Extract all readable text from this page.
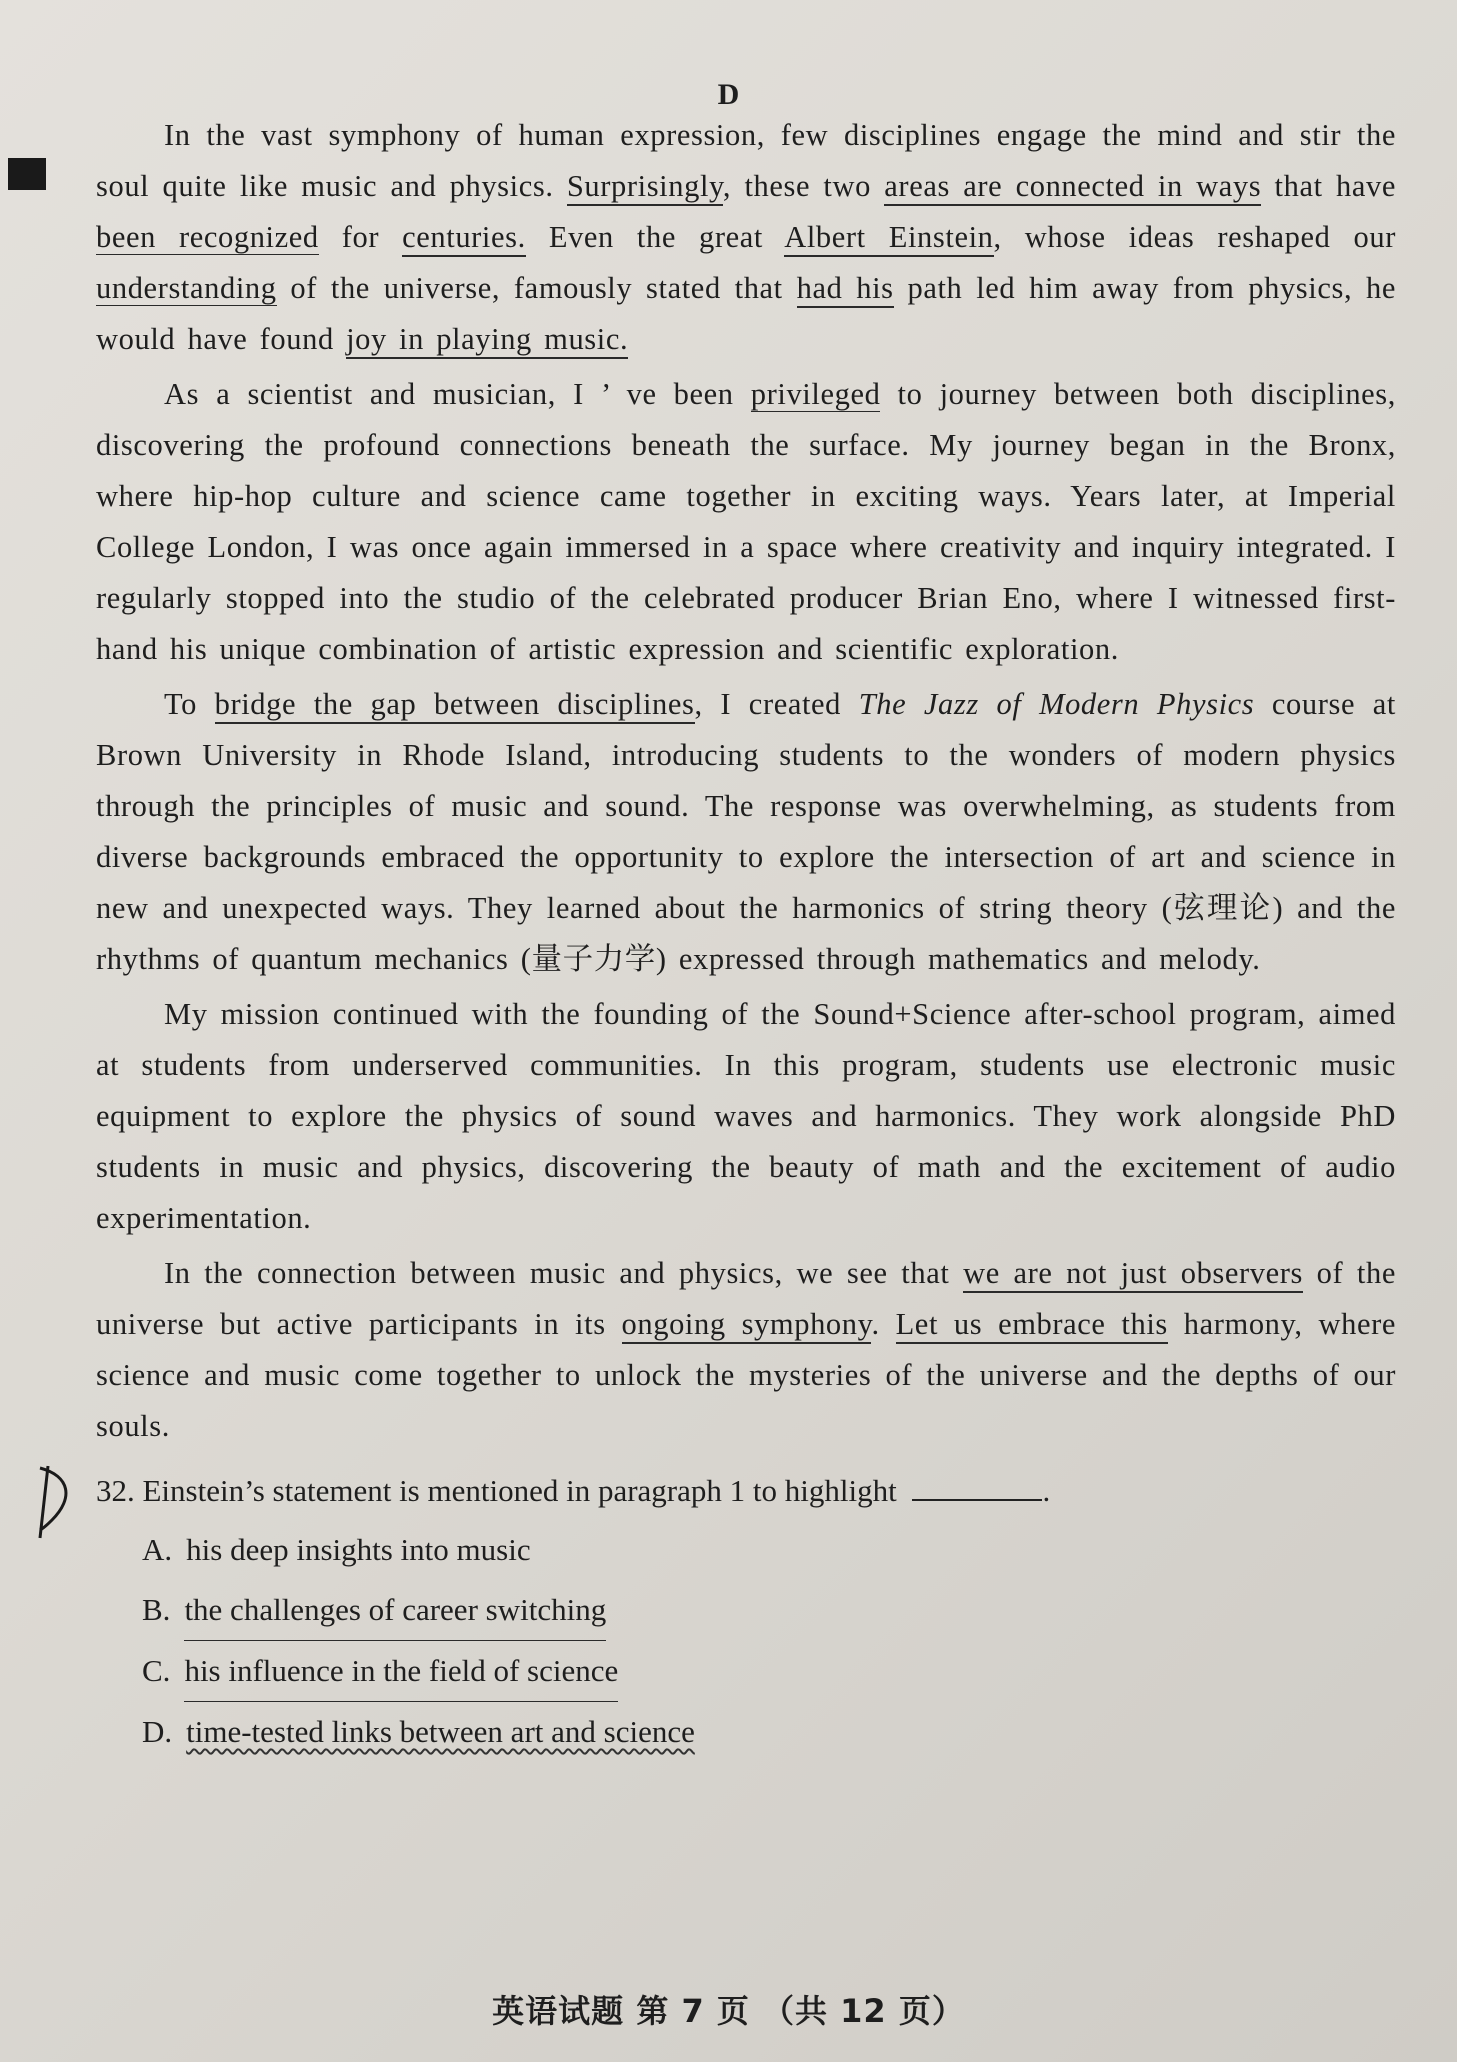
D

In the vast symphony of human expression, few disciplines engage the mind and stir the soul quite like music and physics. Surprisingly, these two areas are connected in ways that have been recognized for centuries. Even the great Albert Einstein, whose ideas reshaped our understanding of the universe, famously stated that had his path led him away from physics, he would have found joy in playing music.

As a scientist and musician, I ’ ve been privileged to journey between both disciplines, discovering the profound connections beneath the surface. My journey began in the Bronx, where hip-hop culture and science came together in exciting ways. Years later, at Imperial College London, I was once again immersed in a space where creativity and inquiry integrated. I regularly stopped into the studio of the celebrated producer Brian Eno, where I witnessed first-hand his unique combination of artistic expression and scientific exploration.

To bridge the gap between disciplines, I created The Jazz of Modern Physics course at Brown University in Rhode Island, introducing students to the wonders of modern physics through the principles of music and sound. The response was overwhelming, as students from diverse backgrounds embraced the opportunity to explore the intersection of art and science in new and unexpected ways. They learned about the harmonics of string theory (弦理论) and the rhythms of quantum mechanics (量子力学) expressed through mathematics and melody.

My mission continued with the founding of the Sound+Science after-school program, aimed at students from underserved communities. In this program, students use electronic music equipment to explore the physics of sound waves and harmonics. They work alongside PhD students in music and physics, discovering the beauty of math and the excitement of audio experimentation.

In the connection between music and physics, we see that we are not just observers of the universe but active participants in its ongoing symphony. Let us embrace this harmony, where science and music come together to unlock the mysteries of the universe and the depths of our souls.

32. Einstein’s statement is mentioned in paragraph 1 to highlight	.
A. his deep insights into music
B. the challenges of career switching
C. his influence in the field of science
D. time-tested links between art and science
英语试题 第 7 页 （共 12 页）
